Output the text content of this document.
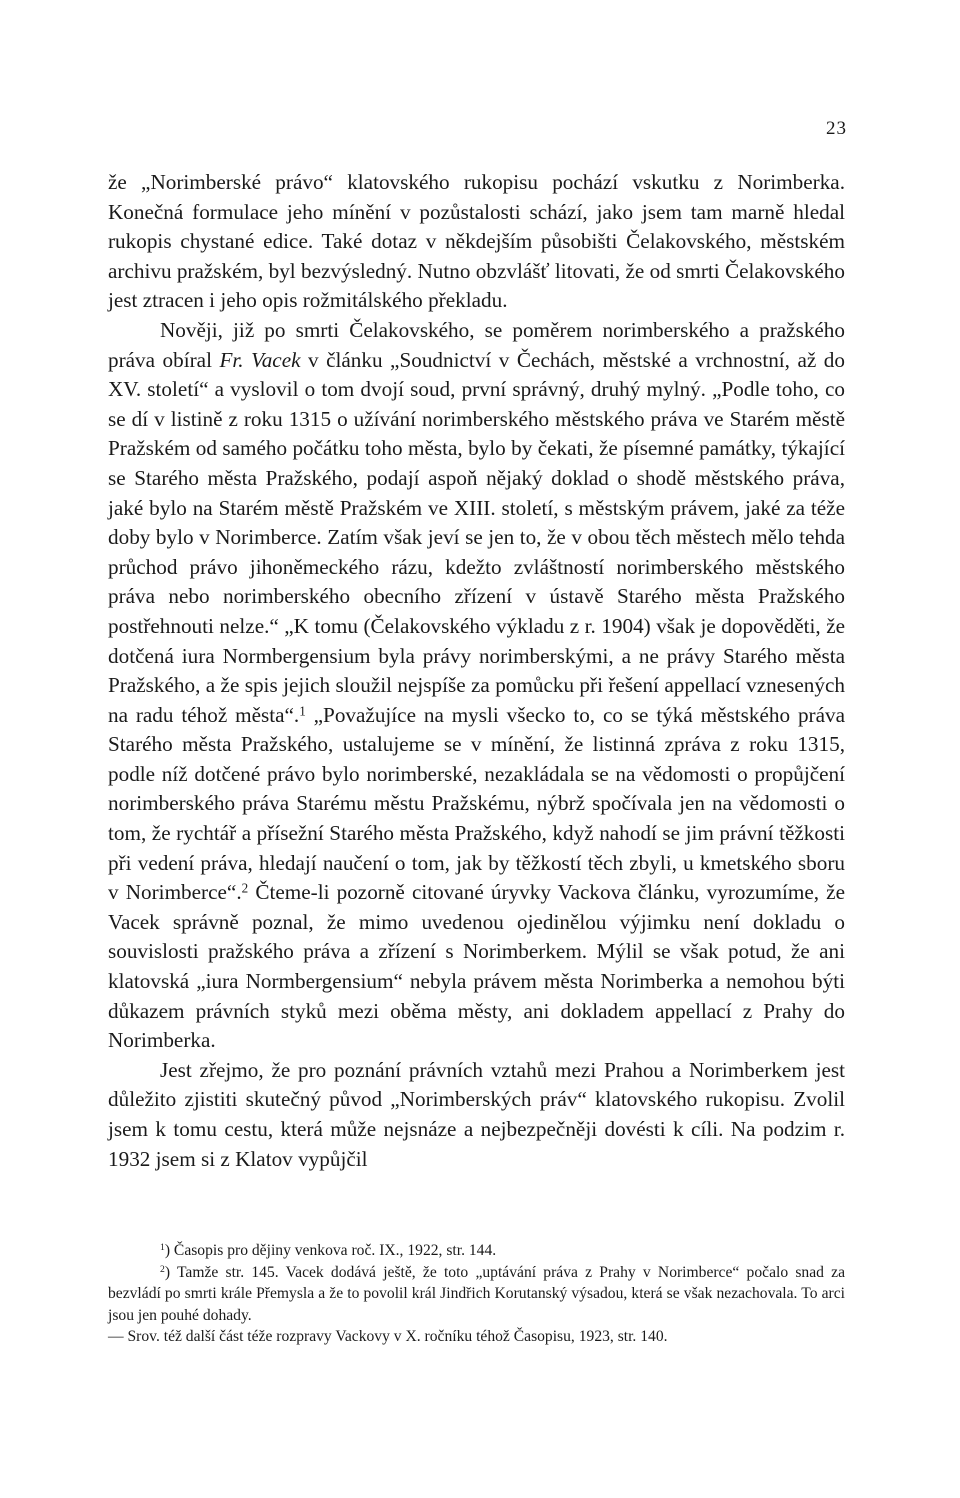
23

že „Norimberské právo“ klatovského rukopisu pochází vskutku z Norimberka. Konečná formulace jeho mínění v pozůstalosti schází, jako jsem tam marně hledal rukopis chystané edice. Také dotaz v někdejším působišti Čelakovského, městském archivu pražském, byl bezvýsledný. Nutno obzvlášť litovati, že od smrti Čelakovského jest ztracen i jeho opis rožmitálského překladu.

Nověji, již po smrti Čelakovského, se poměrem norimberského a pražského práva obíral Fr. Vacek v článku „Soudnictví v Čechách, městské a vrchnostní, až do XV. století“ a vyslovil o tom dvojí soud, první správný, druhý mylný. „Podle toho, co se dí v listině z roku 1315 o užívání norimberského městského práva ve Starém městě Pražském od samého počátku toho města, bylo by čekati, že písemné památky, týkající se Starého města Pražského, podají aspoň nějaký doklad o shodě městského práva, jaké bylo na Starém městě Pražském ve XIII. století, s městským právem, jaké za téže doby bylo v Norimberce. Zatím však jeví se jen to, že v obou těch městech mělo tehda průchod právo jihoněmeckého rázu, kdežto zvláštností norimberského městského práva nebo norimberského obecního zřízení v ústavě Starého města Pražského postřehnouti nelze.“ „K tomu (Čelakovského výkladu z r. 1904) však je dopověděti, že dotčená iura Normbergensium byla právy norimberskými, a ne právy Starého města Pražského, a že spis jejich sloužil nejspíše za pomůcku při řešení appellací vznesených na radu téhož města“.$^1$ „Považujíce na mysli všecko to, co se týká městského práva Starého města Pražského, ustalujeme se v mínění, že listinná zpráva z roku 1315, podle níž dotčené právo bylo norimberské, nezakládala se na vědomosti o propůjčení norimberského práva Starému městu Pražskému, nýbrž spočívala jen na vědomosti o tom, že rychtář a přísežní Starého města Pražského, když nahodí se jim právní těžkosti při vedení práva, hledají naučení o tom, jak by těžkostí těch zbyli, u kmetského sboru v Norimberce“.$^2$ Čteme-li pozorně citované úryvky Vackova článku, vyrozumíme, že Vacek správně poznal, že mimo uvedenou ojedinělou výjimku není dokladu o souvislosti pražského práva a zřízení s Norimberkem. Mýlil se však potud, že ani klatovská „iura Normbergensium“ nebyla právem města Norimberka a nemohou býti důkazem právních styků mezi oběma městy, ani dokladem appellací z Prahy do Norimberka.

Jest zřejmo, že pro poznání právních vztahů mezi Prahou a Norimberkem jest důležito zjistiti skutečný původ „Norimberských práv“ klatovského rukopisu. Zvolil jsem k tomu cestu, která může nejsnáze a nejbezpečněji dovésti k cíli. Na podzim r. 1932 jsem si z Klatov vypůjčil

$^1$) Časopis pro dějiny venkova roč. IX., 1922, str. 144.

$^2$) Tamže str. 145. Vacek dodává ještě, že toto „uptávání práva z Prahy v Norimberce“ počalo snad za bezvládí po smrti krále Přemysla a že to povolil král Jindřich Korutanský výsadou, která se však nezachovala. To arci jsou jen pouhé dohady.

— Srov. též další část téže rozpravy Vackovy v X. ročníku téhož Časopisu, 1923, str. 140.
